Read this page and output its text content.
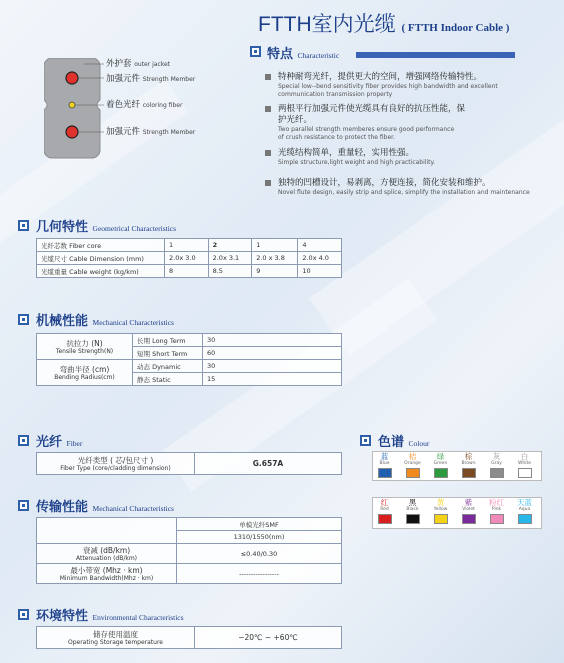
FTTH室内光缆 ( FTTH Indoor Cable )
外护套 outer jacket
加强元件 Strength Member
着色光纤 coloring fiber
加强元件 Strength Member
特点 Characteristic
特种耐弯光纤，提供更大的空间，增强网络传输特性。
Special low--bend sensitivity fiber provides high bandwidth and excellent
communication transmission property
两根平行加强元件使光缆具有良好的抗压性能，保
护光纤。
Two parallel strength memberes ensure good performance
of crush resistance to protect the fiber.
光缆结构简单，重量轻，实用性强。
Simple structure,light weight and high practicability.
独特的凹槽设计，易剥离，方便连接，简化安装和维护。
Novel flute design, easily strip and splice, simplify the installation and maintenance
几何特性 Geometrical Characteristics
光纤芯数 Fiber core	1	2	1	4
光缆尺寸 Cable Dimension (mm)	2.0x 3.0	2.0x 3.1	2.0 x 3.8	2.0x 4.0
光缆重量 Cable weight (kg/km)	8	8.5	9	10
机械性能 Mechanical Characteristics
抗拉力 (N)
Tensile Strength(N)	长期 Long Term	30
	短期 Short Term	60

弯曲半径 (cm)
Bending Radius(cm)	动态 Dynamic	30
	静态 Static	15
光纤 Fiber
光纤类型 ( 芯/包尺寸 )
Fiber Type (core/cladding dimension)	G.657A
色谱 Colour
蓝
Blue
桔
Orange
绿
Green
棕
Brown
灰
Gray
白
White
红
Red
黑
Black
黄
Yellow
紫
Violet
粉红
Pink
天蓝
Aqua
传输性能 Mechanical Characteristics
	单模光纤SMF
	1310/1550(nm)

衰减 (dB/km)
Attenuation (dB/km)	≤0.40/0.30

最小带宽 (Mhz · km)
Minimum Bandwidth(Mhz · km)	-----------------
环境特性 Environmental Characteristics
储存使用温度
Operating Storage temperature	−20℃ ~ +60℃
